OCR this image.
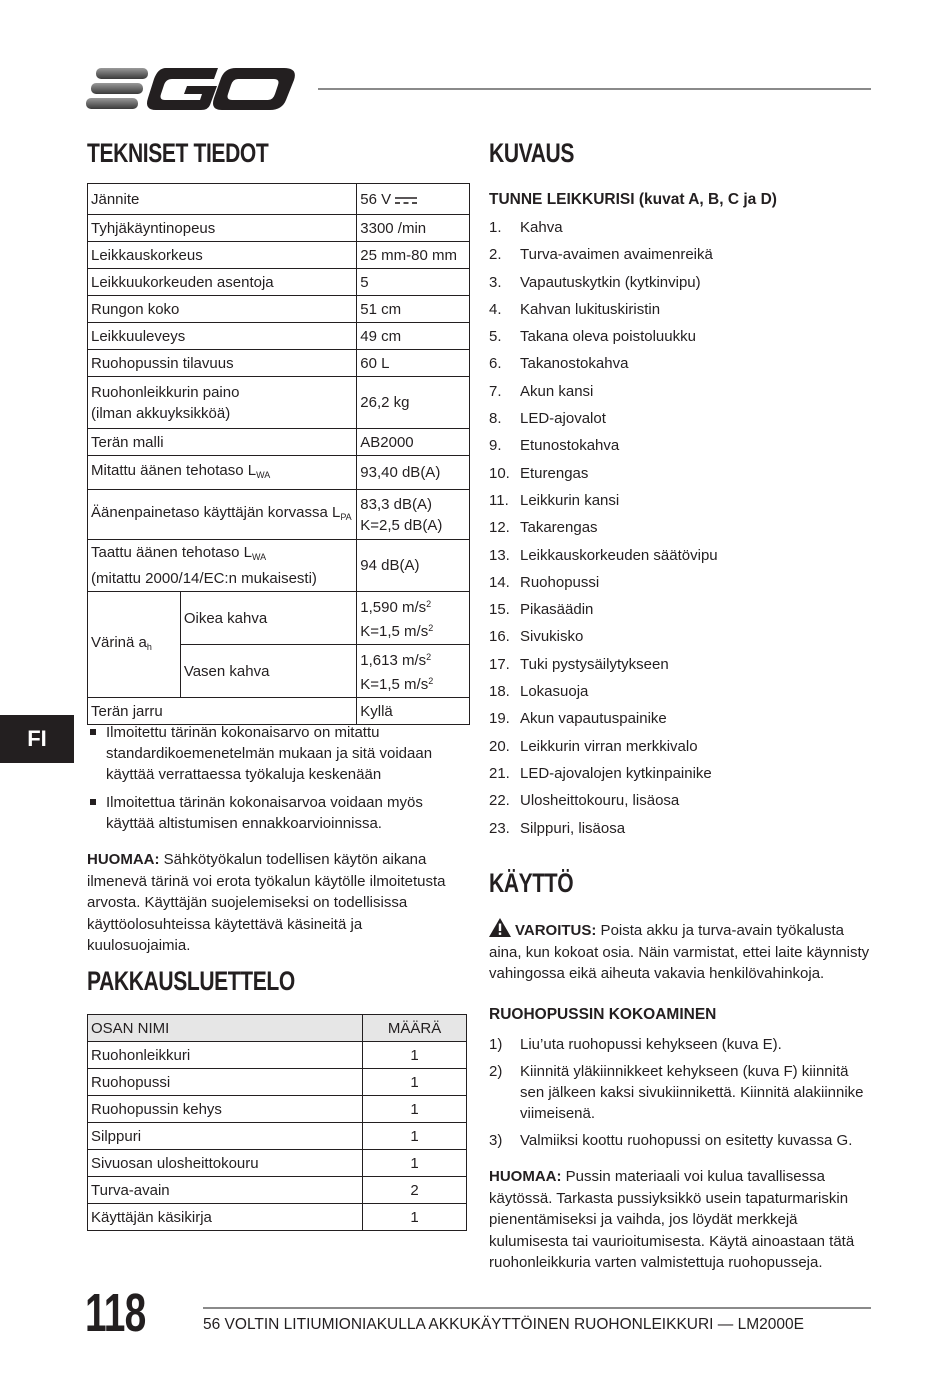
FI
TEKNISET TIEDOT
Jännite		56 V
Tyhjäkäyntinopeus		3300 /min
Leikkauskorkeus		25 mm-80 mm
Leikkuukorkeuden asentoja		5
Rungon koko		51 cm
Leikkuuleveys		49 cm
Ruohopussin tilavuus		60 L
Ruohonleikkurin paino
(ilman akkuyksikköä)		26,2 kg
Terän malli		AB2000
Mitattu äänen tehotaso $L_{WA}$		93,40 dB(A)
Äänenpainetaso käyttäjän korvassa $L_{PA}$		83,3 dB(A)
K=2,5 dB(A)
Taattu äänen tehotaso $L_{WA}$
(mitattu 2000/14/EC:n mukaisesti)		94 dB(A)
Värinä $a_h$	Oikea kahva	1,590 $m/s^2$
K=1,5 $m/s^2$
	Vasen kahva	1,613 $m/s^2$
K=1,5 $m/s^2$
Terän jarru		Kyllä
Ilmoitettu tärinän kokonaisarvo on mitattu standardikoemenetelmän mukaan ja sitä voidaan käyttää verrattaessa työkaluja keskenään
Ilmoitettua tärinän kokonaisarvoa voidaan myös käyttää altistumisen ennakkoarvioinnissa.
HUOMAA: Sähkötyökalun todellisen käytön aikana ilmenevä tärinä voi erota työkalun käytölle ilmoitetusta arvosta. Käyttäjän suojelemiseksi on todellisissa käyttöolosuhteissa käytettävä käsineitä ja kuulosuojaimia.
PAKKAUSLUETTELO
OSAN NIMI	MÄÄRÄ
Ruohonleikkuri	1
Ruohopussi	1
Ruohopussin kehys	1
Silppuri	1
Sivuosan ulosheittokouru	1
Turva-avain	2
Käyttäjän käsikirja	1
KUVAUS
TUNNE LEIKKURISI (kuvat A, B, C ja D)
1.	Kahva
2.	Turva-avaimen avaimenreikä
3.	Vapautuskytkin (kytkinvipu)
4.	Kahvan lukituskiristin
5.	Takana oleva poistoluukku
6.	Takanostokahva
7.	Akun kansi
8.	LED-ajovalot
9.	Etunostokahva
10. Eturengas
11. Leikkurin kansi
12. Takarengas
13. Leikkauskorkeuden säätövipu
14. Ruohopussi
15. Pikasäädin
16. Sivukisko
17. Tuki pystysäilytykseen
18. Lokasuoja
19. Akun vapautuspainike
20. Leikkurin virran merkkivalo
21. LED-ajovalojen kytkinpainike
22. Ulosheittokouru, lisäosa
23. Silppuri, lisäosa
KÄYTTÖ
VAROITUS: Poista akku ja turva-avain työkalusta aina, kun kokoat osia. Näin varmistat, ettei laite käynnisty vahingossa eikä aiheuta vakavia henkilövahinkoja.
RUOHOPUSSIN KOKOAMINEN
1)	Liu’uta ruohopussi kehykseen (kuva E).
2)	Kiinnitä yläkiinnikkeet kehykseen (kuva F) kiinnitä sen jälkeen kaksi sivukiinnikettä. Kiinnitä alakiinnike viimeisenä.
3)	Valmiiksi koottu ruohopussi on esitetty kuvassa G.
HUOMAA: Pussin materiaali voi kulua tavallisessa käytössä. Tarkasta pussiyksikkö usein tapaturmariskin pienentämiseksi ja vaihda, jos löydät merkkejä kulumisesta tai vaurioitumisesta. Käytä ainoastaan tätä ruohonleikkuria varten valmistettuja ruohopusseja.
118	56 VOLTIN LITIUMIONIAKULLA AKKUKÄYTTÖINEN RUOHONLEIKKURI — LM2000E
